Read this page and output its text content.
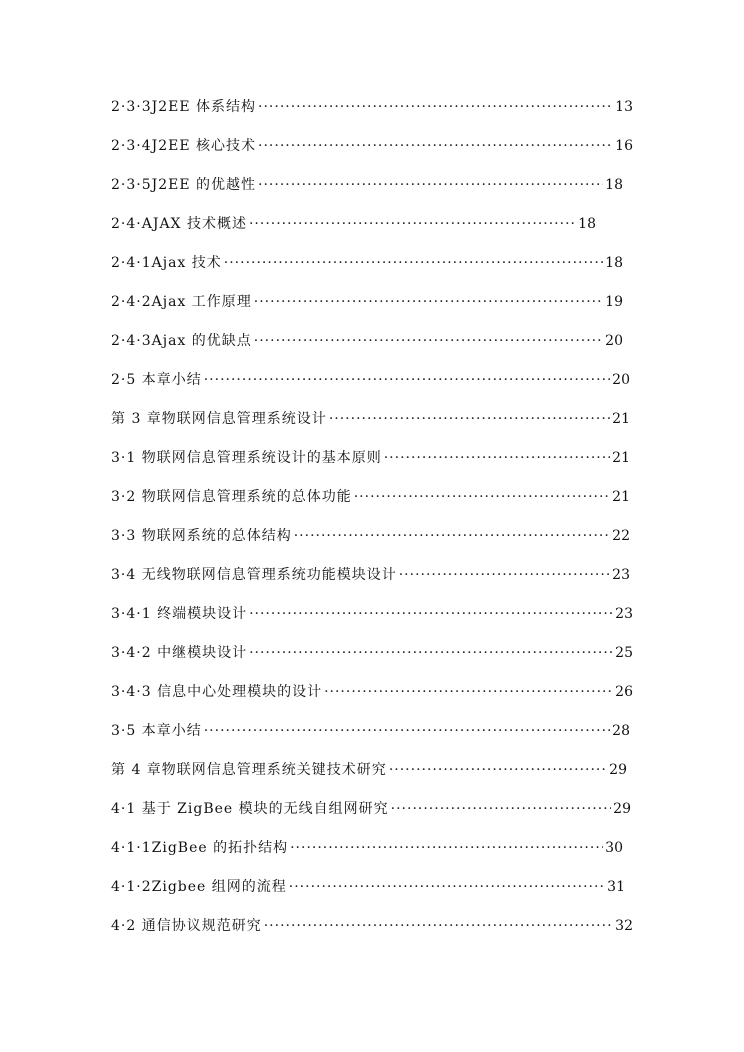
2·3·3J2EE 体系结构 ·····	13
2·3·4J2EE 核心技术 ·····	16
2·3·5J2EE 的优越性 ·····	18
2·4·AJAX 技术概述 ·····	18
2·4·1Ajax 技术 ·····	18
2·4·2Ajax 工作原理 ·····	19
2·4·3Ajax 的优缺点 ·····	20
2·5 本章小结 ·····	20
第 3 章物联网信息管理系统设计 ·····	21
3·1 物联网信息管理系统设计的基本原则 ·····	21
3·2 物联网信息管理系统的总体功能 ·····	21
3·3 物联网系统的总体结构 ·····	22
3·4 无线物联网信息管理系统功能模块设计 ·····	23
3·4·1 终端模块设计 ·····	23
3·4·2 中继模块设计 ·····	25
3·4·3 信息中心处理模块的设计 ·····	26
3·5 本章小结 ·····	28
第 4 章物联网信息管理系统关键技术研究 ·····	29
4·1 基于 ZigBee 模块的无线自组网研究 ·····	29
4·1·1ZigBee 的拓扑结构 ·····	30
4·1·2Zigbee 组网的流程 ·····	31
4·2 通信协议规范研究 ·····	32
